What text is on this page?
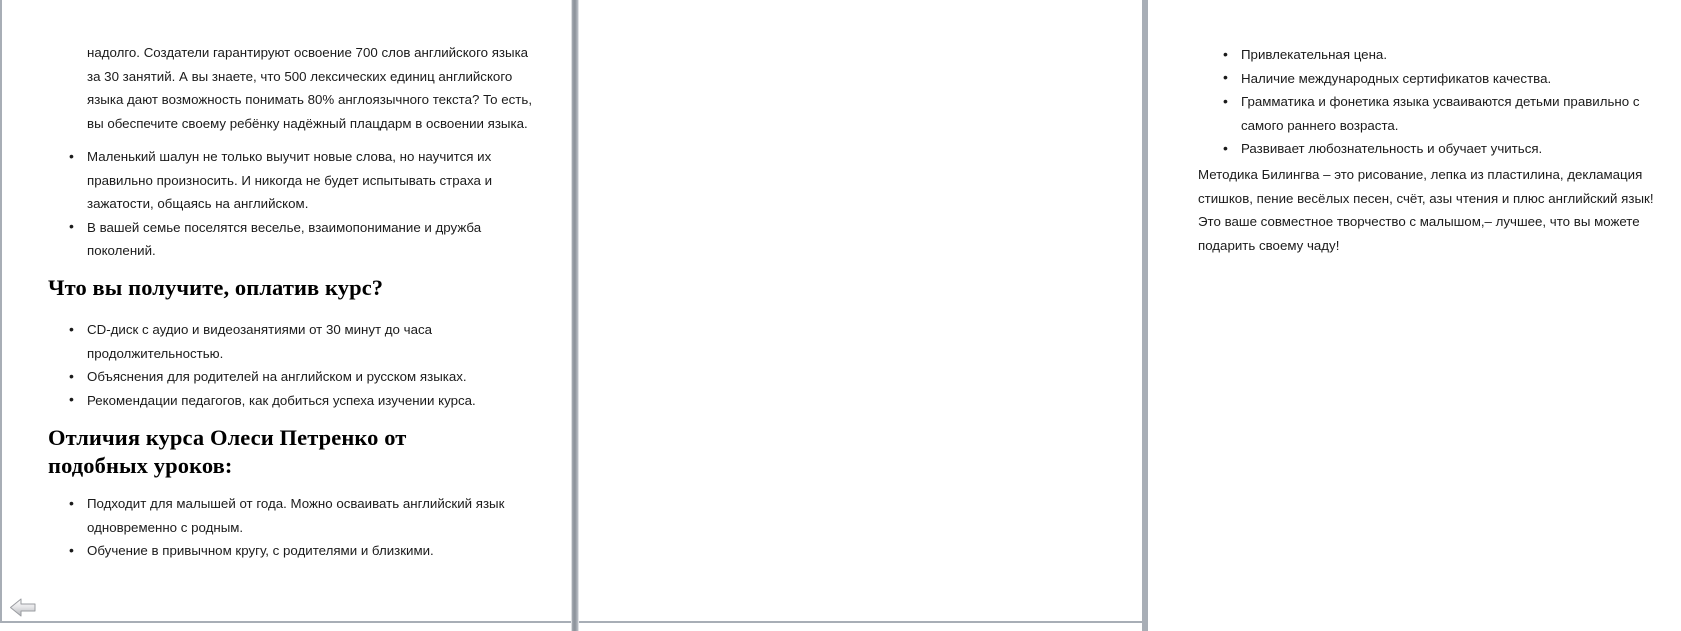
надолго. Создатели гарантируют освоение 700 слов английского языка за 30 занятий. А вы знаете, что 500 лексических единиц английского языка дают возможность понимать 80% англоязычного текста? То есть, вы обеспечите своему ребёнку надёжный плацдарм в освоении языка.

• Маленький шалун не только выучит новые слова, но научится их правильно произносить. И никогда не будет испытывать страха и зажатости, общаясь на английском.
• В вашей семье поселятся веселье, взаимопонимание и дружба поколений.
Что вы получите, оплатив курс?
• CD-диск с аудио и видеозанятиями от 30 минут до часа продолжительностью.
• Объяснения для родителей на английском и русском языках.
• Рекомендации педагогов, как добиться успеха изучении курса.
Отличия курса Олеси Петренко от подобных уроков:
• Подходит для малышей от года. Можно осваивать английский язык одновременно с родным.
• Обучение в привычном кругу, с родителями и близкими.
• Привлекательная цена.
• Наличие международных сертификатов качества.
• Грамматика и фонетика языка усваиваются детьми правильно с самого раннего возраста.
• Развивает любознательность и обучает учиться.

Методика Билингва – это рисование, лепка из пластилина, декламация стишков, пение весёлых песен, счёт, азы чтения и плюс английский язык! Это ваше совместное творчество с малышом,– лучшее, что вы можете подарить своему чаду!
